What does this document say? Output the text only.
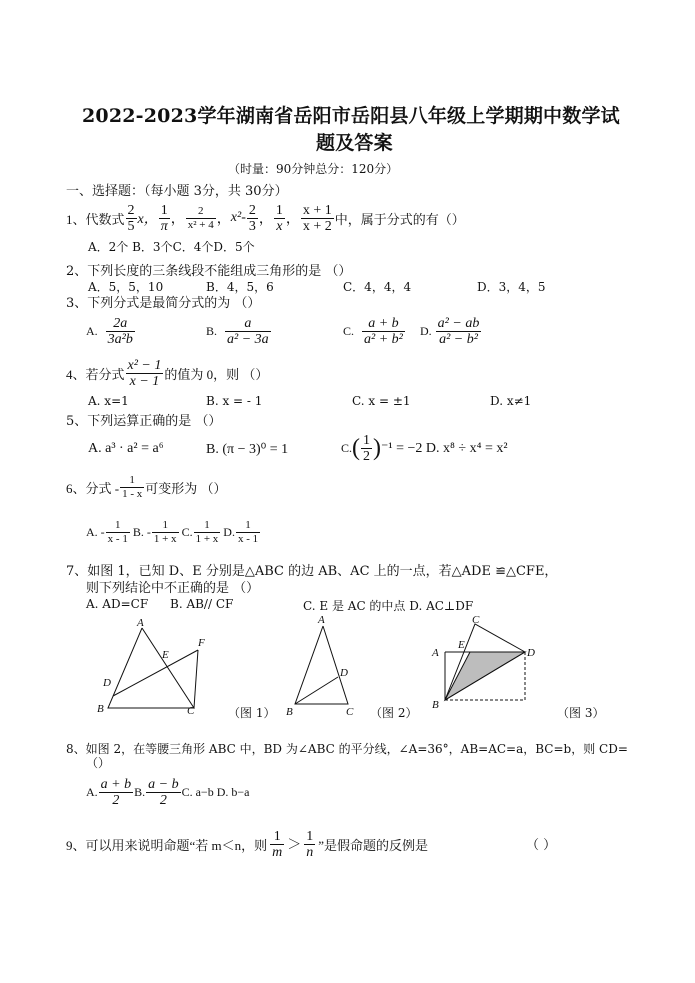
2022-2023学年湖南省岳阳市岳阳县八年级上学期期中数学试
题及答案
（时量：90分钟总分：120分）
一、选择题：（每小题 3分，共 30分）
1、代数式 $\frac{2}{5}$ x， $\frac{1}{\pi}$ ， $\frac{2}{\text{x² + 4}}$ ， $x^2 - \frac{2}{3}$ ， $\frac{1}{x}$ ， $\frac{x + 1}{x + 2}$ 中，属于分式的有（）
A．2个 B．3个C．4个D．5个
2、下列长度的三条线段不能组成三角形的是 （）
A．5，5，10	B．4，5，6	C．4，4，4	D．3，4，5
3、下列分式是最简分式的为 （）
A. $\frac{2a}{\text{3a²b}}$	B. $\frac{a}{\text{a² − 3a}}$	C. $\frac{a + b}{\text{a² + b²}} D$. $\frac{\text{a² − ab}}{\text{a² − b²}}$
4、若分式 $\frac{\text{x² − 1}}{x - 1}$ 的值为 0，则 （）
A. x=1	B. x = - 1	C. x = ±1	D. x≠1
5、下列运算正确的是 （）
A. a³ · a² = a⁶	B. (π − 3)⁰ = 1	C. ( $\frac{1}{2}$ ) ⁻¹ = −2 D. x⁸ ÷ x⁴ = x²
6、分式 - $\frac{1}{1 - x}$ 可变形为 （）
A. - $\frac{1}{x - 1} B$. - $\frac{1}{1 + x} C$. $\frac{1}{1 + x} D$. $\frac{1}{x - 1}$
7、如图 1，已知 D、E 分别是△ABC 的边 AB、AC 上的一点，若△ADE ≌△CFE，
则下列结论中不正确的是 （）
A. AD=CF B. AB// CF	C. E 是 AC 的中点 D. AC⊥DF
A
B	C
D
E
F
（图 1）
A
B	C
D
（图 2）
A
B
C
D
E
（图 3）
8、如图 2，在等腰三角形 ABC 中，BD 为∠ABC 的平分线，∠A=36°，AB=AC=a，BC=b，则 CD=
（）
A. $\frac{a + b}{2} B$. $\frac{a - b}{2} C$. a−b D. b−a
9、可以用来说明命题“若 m＜n，则 $\frac{1}{m} > \frac{1}{n}$ ”是假命题的反例是	（ ）
